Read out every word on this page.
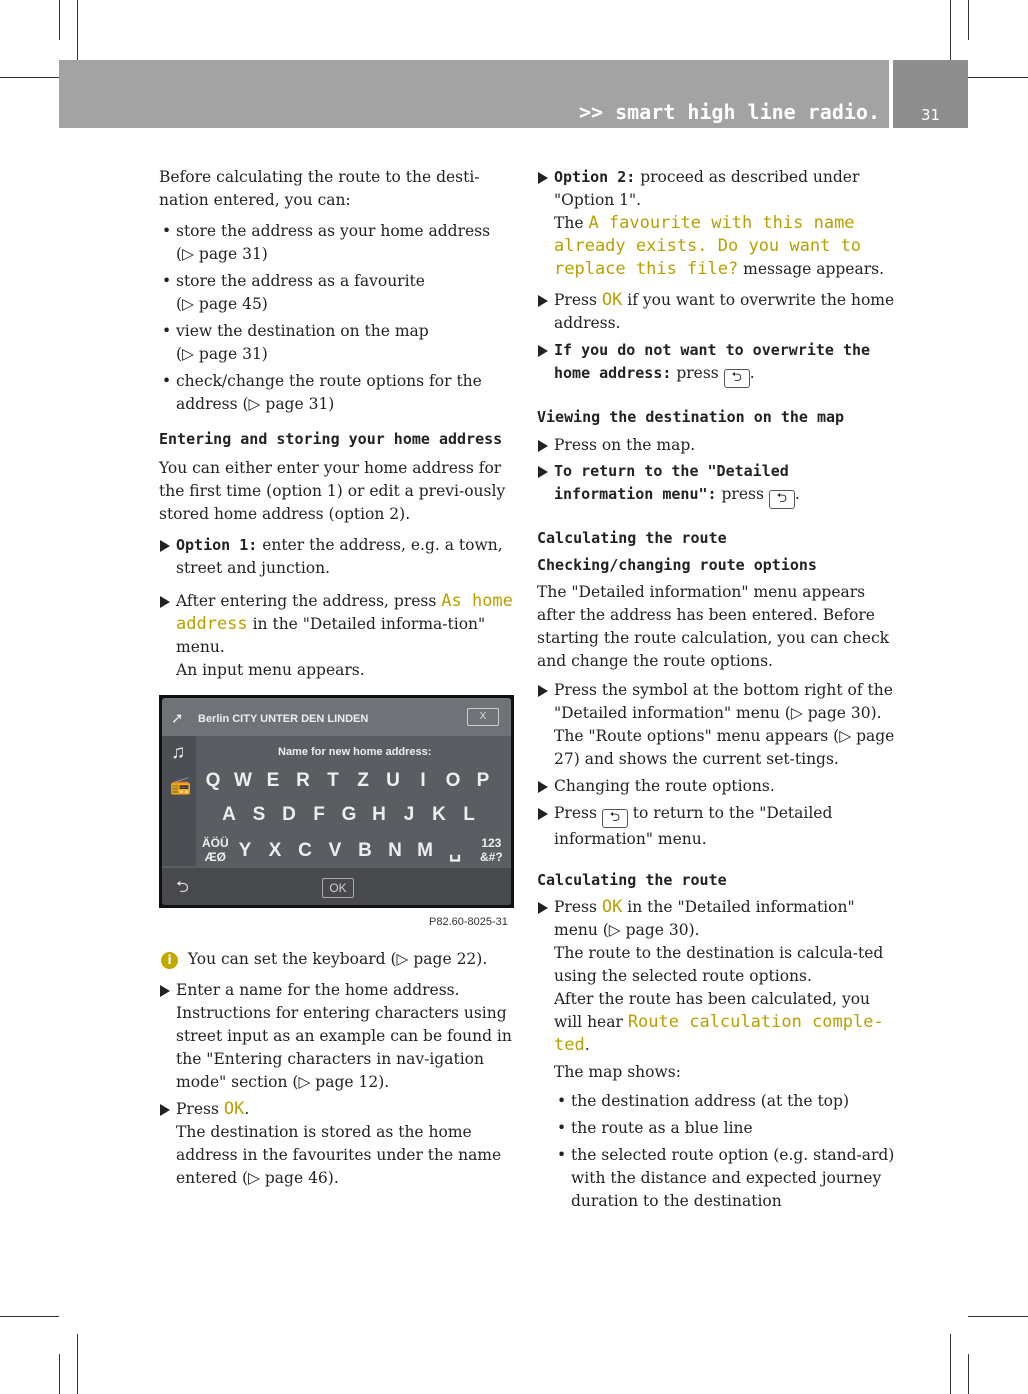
>> smart high line radio.	31

Before calculating the route to the desti-nation entered, you can:

• store the address as your home address
(▷ page 31)

• store the address as a favourite
(▷ page 45)

• view the destination on the map
(▷ page 31)

• check/change the route options for the
address (▷ page 31)

Entering and storing your home address

You can either enter your home address for the first time (option 1) or edit a previ-ously stored home address (option 2).

Option 1: enter the address, e.g. a town, street and junction.

After entering the address, press As home address in the "Detailed informa-tion" menu.
An input menu appears.

➚ Berlin CITY UNTER DEN LINDEN	X
♫
📻
Name for new home address:
Q W E R T Z U	I	O P
A S D F G H J K L
ÄÖÜ
ÆØ Y X C V B N M ␣	123
&#?
⮌	OK
P82.60-8025-31

i You can set the keyboard (▷ page 22).

Enter a name for the home address.
Instructions for entering characters using street input as an example can be found in the "Entering characters in nav-igation mode" section (▷ page 12).

Press OK.
The destination is stored as the home address in the favourites under the name entered (▷ page 46).

Option 2: proceed as described under "Option 1".
The A favourite with this name already exists. Do you want to replace this file? message appears.

Press OK if you want to overwrite the home address.

If you do not want to overwrite the home address: press ⮌ .

Viewing the destination on the map

Press on the map.

To return to the "Detailed information menu": press ⮌ .

Calculating the route

Checking/changing route options

The "Detailed information" menu appears after the address has been entered. Before starting the route calculation, you can check and change the route options.

Press the symbol at the bottom right of the "Detailed information" menu (▷ page 30).
The "Route options" menu appears (▷ page 27) and shows the current set-tings.

Changing the route options.

Press ⮌ to return to the "Detailed information" menu.

Calculating the route

Press OK in the "Detailed information" menu (▷ page 30).
The route to the destination is calcula-ted using the selected route options.
After the route has been calculated, you will hear Route calculation comple-ted.

The map shows:

• the destination address (at the top)

• the route as a blue line

• the selected route option (e.g. stand-ard) with the distance and expected journey duration to the destination
